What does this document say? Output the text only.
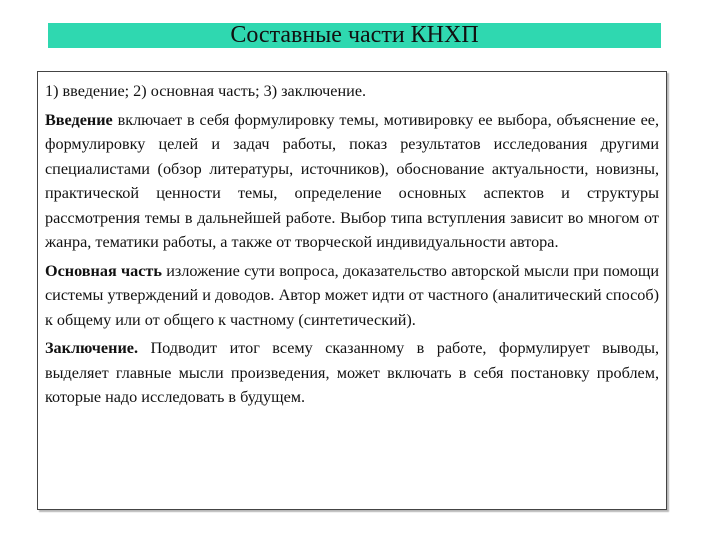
Составные части КНХП

1) введение; 2) основная часть; 3) заключение.

Введение включает в себя формулировку темы, мотивировку ее выбора, объяснение ее, формулировку целей и задач работы, показ результатов исследования другими специалистами (обзор литературы, источников), обоснование актуальности, новизны, практической ценности темы, определение основных аспектов и структуры рассмотрения темы в дальнейшей работе. Выбор типа вступления зависит во многом от жанра, тематики работы, а также от творческой индивидуальности автора.

Основная часть изложение сути вопроса, доказательство авторской мысли при помощи системы утверждений и доводов. Автор может идти от частного (аналитический способ) к общему или от общего к частному (синтетический).

Заключение. Подводит итог всему сказанному в работе, формулирует выводы, выделяет главные мысли произведения, может включать в себя постановку проблем, которые надо исследовать в будущем.
